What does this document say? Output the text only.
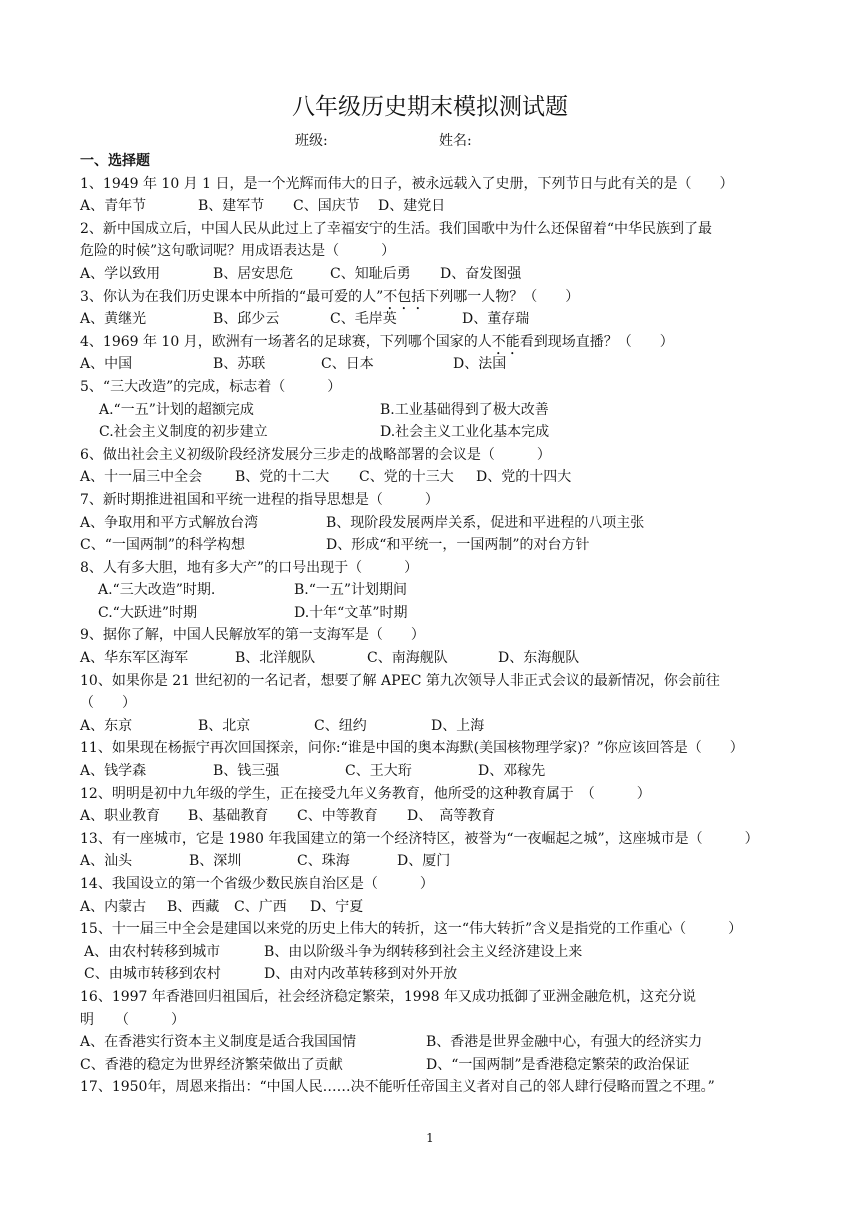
八年级历史期末模拟测试题
班级:	姓名:
一、选择题
1、1949 年 10 月 1 日，是一个光辉而伟大的日子，被永远载入了史册，下列节日与此有关的是（　　）
A、青年节	B、建军节	C、国庆节	D、建党日
2、新中国成立后，中国人民从此过上了幸福安宁的生活。我们国歌中为什么还保留着“中华民族到了最
危险的时候”这句歌词呢？用成语表达是（　　　）
A、学以致用	B、居安思危	C、知耻后勇	D、奋发图强
3、你认为在我们历史课本中所指的“最可爱的人”不包括下列哪一人物？（　　）
A、黄继光	B、邱少云	C、毛岸英	D、董存瑞
4、1969 年 10 月，欧洲有一场著名的足球赛，下列哪个国家的人不能看到现场直播？（　　）
A、中国	B、苏联	C、日本	D、法国
5、“三大改造”的完成，标志着（　　　）
A.“一五”计划的超额完成	B.工业基础得到了极大改善
C.社会主义制度的初步建立	D.社会主义工业化基本完成
6、做出社会主义初级阶段经济发展分三步走的战略部署的会议是（　　　）
A、十一届三中全会	B、党的十二大	C、党的十三大	D、党的十四大
7、新时期推进祖国和平统一进程的指导思想是（　　　）
A、争取用和平方式解放台湾	B、现阶段发展两岸关系，促进和平进程的八项主张
C、“一国两制”的科学构想	D、形成“和平统一，一国两制”的对台方针
8、人有多大胆，地有多大产”的口号出现于（　　　）
A.“三大改造”时期.	B.“一五”计划期间
C.“大跃进”时期	D.十年“文革”时期
9、据你了解，中国人民解放军的第一支海军是（　　）
A、华东军区海军	B、北洋舰队	C、南海舰队	D、东海舰队
10、如果你是 21 世纪初的一名记者，想要了解 APEC 第九次领导人非正式会议的最新情况，你会前往
（　　）
A、东京	B、北京	C、纽约	D、上海
11、如果现在杨振宁再次回国探亲，问你:“谁是中国的奥本海默(美国核物理学家)？”你应该回答是（　　）
A、钱学森	B、钱三强	C、王大珩	D、邓稼先
12、明明是初中九年级的学生，正在接受九年义务教育，他所受的这种教育属于　（　　　）
A、职业教育	B、基础教育	C、中等教育	D、　高等教育
13、有一座城市，它是 1980 年我国建立的第一个经济特区，被誉为“一夜崛起之城”，这座城市是（　　　）
A、汕头	B、深圳	C、珠海	D、厦门
14、我国设立的第一个省级少数民族自治区是（　　　）
A、内蒙古	B、西藏	C、广西	D、宁夏
15、十一届三中全会是建国以来党的历史上伟大的转折，这一“伟大转折”含义是指党的工作重心（　　　）
A、由农村转移到城市	B、由以阶级斗争为纲转移到社会主义经济建设上来
C、由城市转移到农村	D、由对内改革转移到对外开放
16、1997 年香港回归祖国后，社会经济稳定繁荣，1998 年又成功抵御了亚洲金融危机，这充分说
明　　（　　　）
A、在香港实行资本主义制度是适合我国国情	B、香港是世界金融中心，有强大的经济实力
C、香港的稳定为世界经济繁荣做出了贡献	D、“一国两制”是香港稳定繁荣的政治保证
17、1950年，周恩来指出：“中国人民……决不能听任帝国主义者对自己的邻人肆行侵略而置之不理。”
1
